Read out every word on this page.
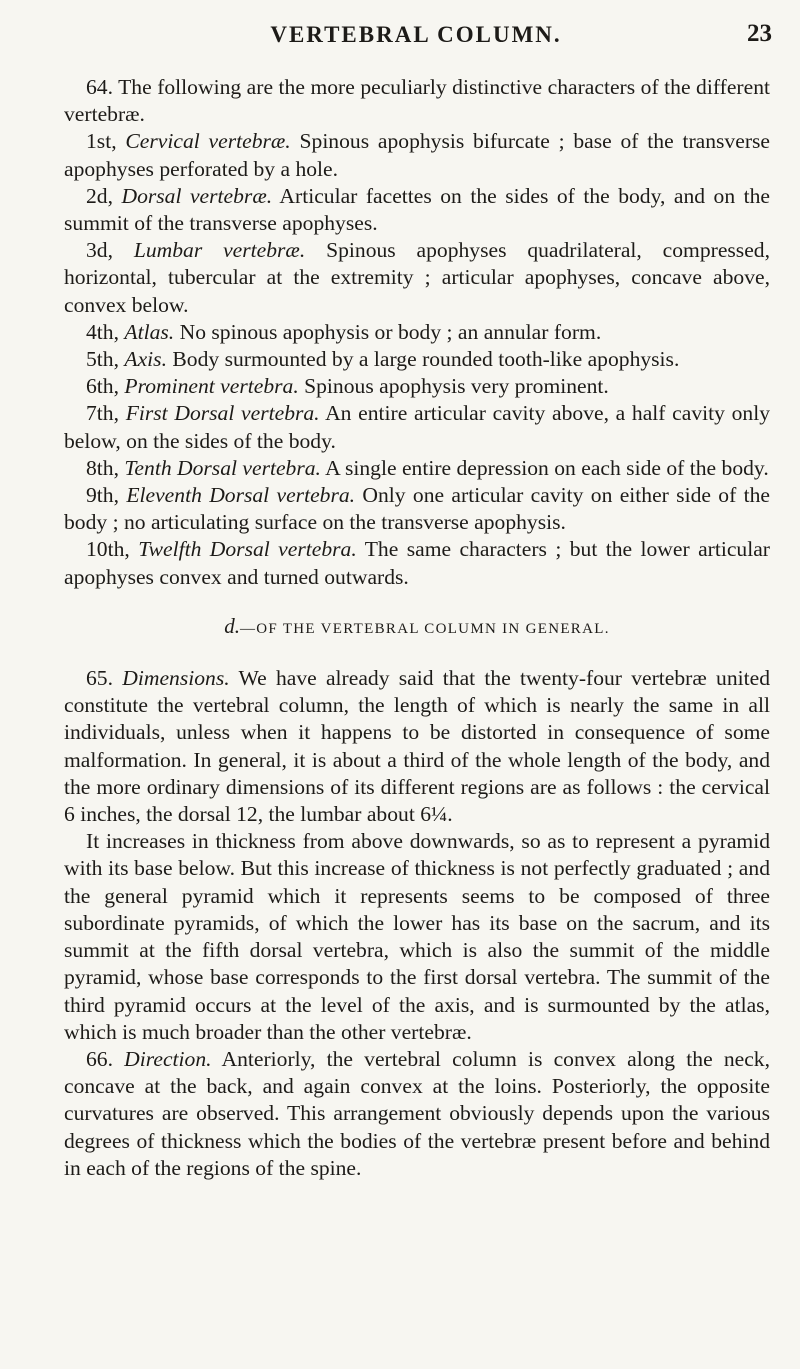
VERTEBRAL COLUMN.	23

64. The following are the more peculiarly distinctive characters of the different vertebræ.

1st, Cervical vertebræ. Spinous apophysis bifurcate ; base of the transverse apophyses perforated by a hole.

2d, Dorsal vertebræ. Articular facettes on the sides of the body, and on the summit of the transverse apophyses.

3d, Lumbar vertebræ. Spinous apophyses quadrilateral, compressed, horizontal, tubercular at the extremity ; articular apophyses, concave above, convex below.

4th, Atlas. No spinous apophysis or body ; an annular form.

5th, Axis. Body surmounted by a large rounded tooth-like apophysis.

6th, Prominent vertebra. Spinous apophysis very prominent.

7th, First Dorsal vertebra. An entire articular cavity above, a half cavity only below, on the sides of the body.

8th, Tenth Dorsal vertebra. A single entire depression on each side of the body.

9th, Eleventh Dorsal vertebra. Only one articular cavity on either side of the body ; no articulating surface on the transverse apophysis.

10th, Twelfth Dorsal vertebra. The same characters ; but the lower articular apophyses convex and turned outwards.

d.—OF THE VERTEBRAL COLUMN IN GENERAL.

65. Dimensions. We have already said that the twenty-four vertebræ united constitute the vertebral column, the length of which is nearly the same in all individuals, unless when it happens to be distorted in consequence of some malformation. In general, it is about a third of the whole length of the body, and the more ordinary dimensions of its different regions are as follows : the cervical 6 inches, the dorsal 12, the lumbar about 6¼.

It increases in thickness from above downwards, so as to represent a pyramid with its base below. But this increase of thickness is not perfectly graduated ; and the general pyramid which it represents seems to be composed of three subordinate pyramids, of which the lower has its base on the sacrum, and its summit at the fifth dorsal vertebra, which is also the summit of the middle pyramid, whose base corresponds to the first dorsal vertebra. The summit of the third pyramid occurs at the level of the axis, and is surmounted by the atlas, which is much broader than the other vertebræ.

66. Direction. Anteriorly, the vertebral column is convex along the neck, concave at the back, and again convex at the loins. Posteriorly, the opposite curvatures are observed. This arrangement obviously depends upon the various degrees of thickness which the bodies of the vertebræ present before and behind in each of the regions of the spine.
